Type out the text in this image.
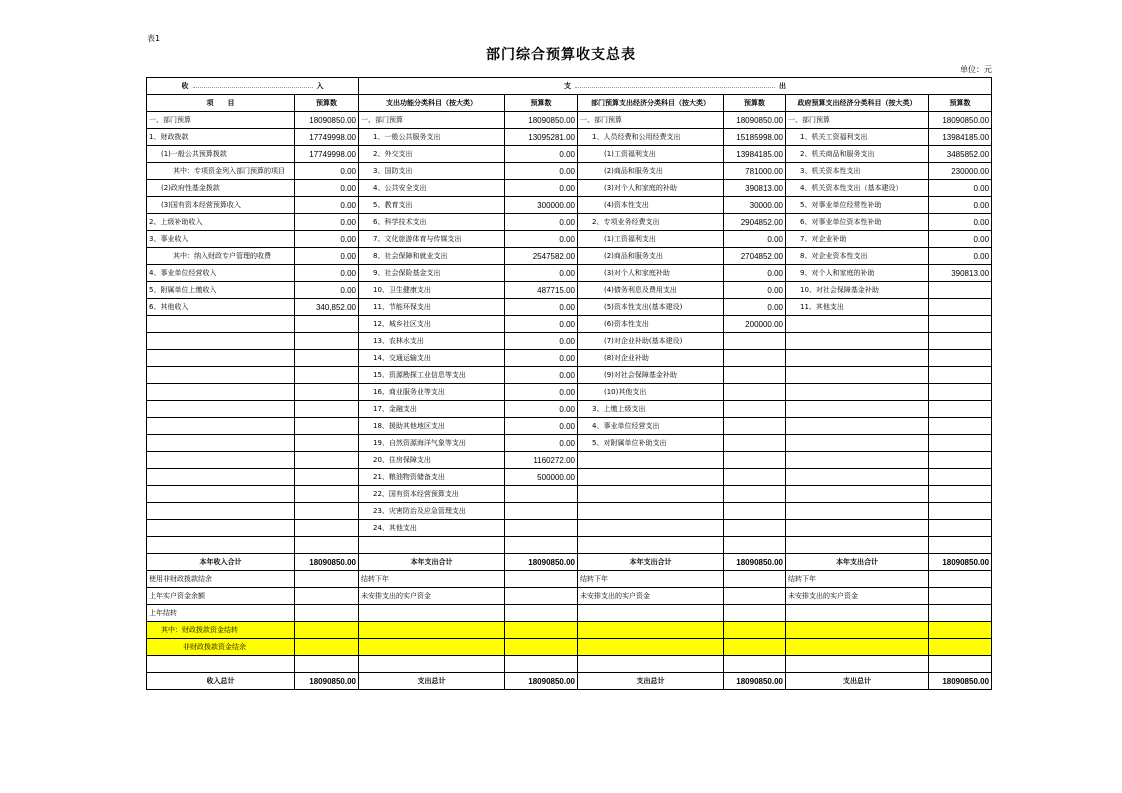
表1
部门综合预算收支总表
单位：元
收 入		支 出					
项　　目	预算数	支出功能分类科目（按大类）	预算数	部门预算支出经济分类科目（按大类）	预算数	政府预算支出经济分类科目（按大类）	预算数
一、部门预算	18090850.00	一、部门预算	18090850.00	一、部门预算	18090850.00	一、部门预算	18090850.00
1、财政拨款	17749998.00	1、一般公共服务支出	13095281.00	1、人员经费和公用经费支出	15185998.00	1、机关工资福利支出	13984185.00
(1)一般公共预算拨款	17749998.00	2、外交支出	0.00	(1)工资福利支出	13984185.00	2、机关商品和服务支出	3485852.00
其中：专项资金列入部门预算的项目	0.00	3、国防支出	0.00	(2)商品和服务支出	781000.00	3、机关资本性支出	230000.00
(2)政府性基金拨款	0.00	4、公共安全支出	0.00	(3)对个人和家庭的补助	390813.00	4、机关资本性支出（基本建设）	0.00
(3)国有资本经营预算收入	0.00	5、教育支出	300000.00	(4)资本性支出	30000.00	5、对事业单位经常性补助	0.00
2、上级补助收入	0.00	6、科学技术支出	0.00	2、专项业务经费支出	2904852.00	6、对事业单位资本性补助	0.00
3、事业收入	0.00	7、文化旅游体育与传媒支出	0.00	(1)工资福利支出	0.00	7、对企业补助	0.00
其中：纳入财政专户管理的收费	0.00	8、社会保障和就业支出	2547582.00	(2)商品和服务支出	2704852.00	8、对企业资本性支出	0.00
4、事业单位经营收入	0.00	9、社会保险基金支出	0.00	(3)对个人和家庭补助	0.00	9、对个人和家庭的补助	390813.00
5、附属单位上缴收入	0.00	10、卫生健康支出	487715.00	(4)债务利息及费用支出	0.00	10、对社会保障基金补助	
6、其他收入	340,852.00	11、节能环保支出	0.00	(5)资本性支出(基本建设)	0.00	11、其他支出	
		12、城乡社区支出	0.00	(6)资本性支出	200000.00		
		13、农林水支出	0.00	(7)对企业补助(基本建设)			
		14、交通运输支出	0.00	(8)对企业补助			
		15、资源勘探工业信息等支出	0.00	(9)对社会保障基金补助			
		16、商业服务业等支出	0.00	(10)其他支出			
		17、金融支出	0.00	3、上缴上级支出			
		18、援助其他地区支出	0.00	4、事业单位经营支出			
		19、自然资源海洋气象等支出	0.00	5、对附属单位补助支出			
		20、住房保障支出	1160272.00				
		21、粮油物资储备支出	500000.00				
		22、国有资本经营预算支出					
		23、灾害防治及应急管理支出					
		24、其他支出					

本年收入合计	18090850.00	本年支出合计	18090850.00	本年支出合计	18090850.00	本年支出合计	18090850.00
使用非财政拨款结余		结转下年		结转下年		结转下年	
上年实户资金余额		未安排支出的实户资金		未安排支出的实户资金		未安排支出的实户资金	
上年结转							
其中：财政拨款资金结转							
非财政拨款资金结余							

收入总计	18090850.00	支出总计	18090850.00	支出总计	18090850.00	支出总计	18090850.00
